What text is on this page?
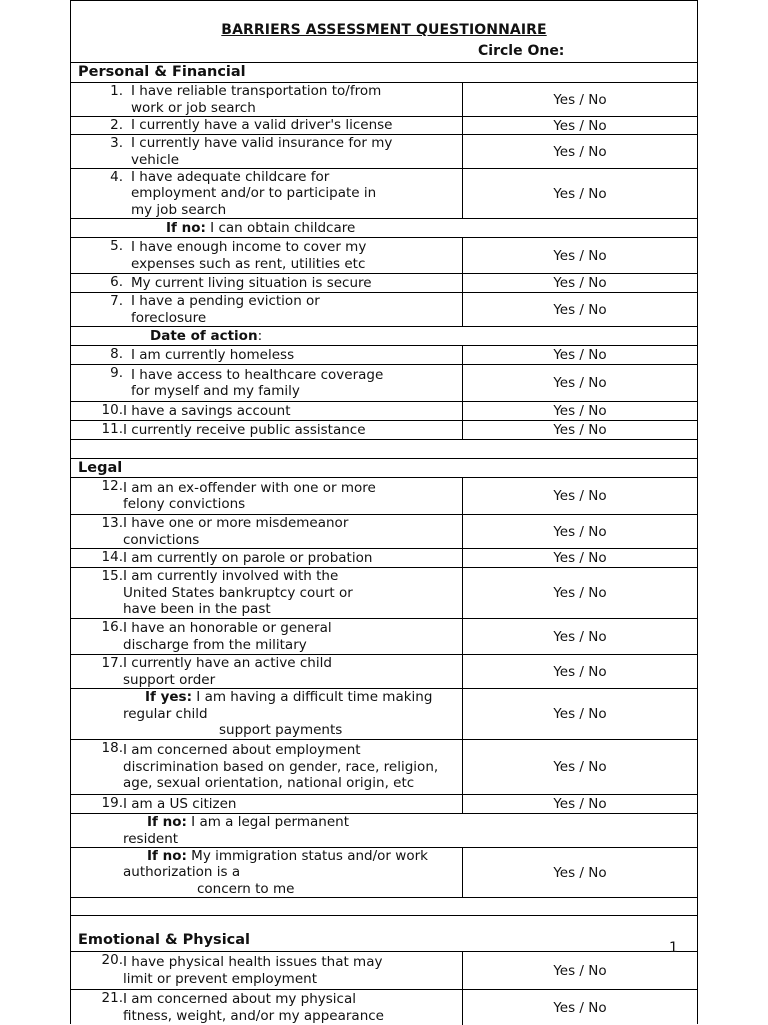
BARRIERS ASSESSMENT QUESTIONNAIRE
Circle One:
Personal & Financial
1. I have reliable transportation to/from
work or job search	Yes / No
2. I currently have a valid driver's license	Yes / No
3. I currently have valid insurance for my
vehicle	Yes / No
4. I have adequate childcare for
employment and/or to participate in
my job search
Yes / No
If no: I can obtain childcare
5. I have enough income to cover my
expenses such as rent, utilities etc	Yes / No
6. My current living situation is secure	Yes / No
7. I have a pending eviction or
foreclosure	Yes / No
Date of action :
8. I am currently homeless	Yes / No
9. I have access to healthcare coverage
for myself and my family	Yes / No
10. I have a savings account	Yes / No
11. I currently receive public assistance	Yes / No
Legal
12. I am an ex-offender with one or more
felony convictions	Yes / No
13. I have one or more misdemeanor
convictions	Yes / No
14. I am currently on parole or probation	Yes / No
15. I am currently involved with the
United States bankruptcy court or
have been in the past
Yes / No
16. I have an honorable or general
discharge from the military	Yes / No
17. I currently have an active child
support order	Yes / No
If yes: I am having a difficult time making
regular child
support payments
Yes / No
18. I am concerned about employment
discrimination based on gender, race, religion,
age, sexual orientation, national origin, etc
Yes / No
19. I am a US citizen	Yes / No
If no: I am a legal permanent
resident
If no: My immigration status and/or work
authorization is a
concern to me
Yes / No
Emotional & Physical
20. I have physical health issues that may
limit or prevent employment	Yes / No
21. I am concerned about my physical
fitness, weight, and/or my appearance	Yes / No
1
